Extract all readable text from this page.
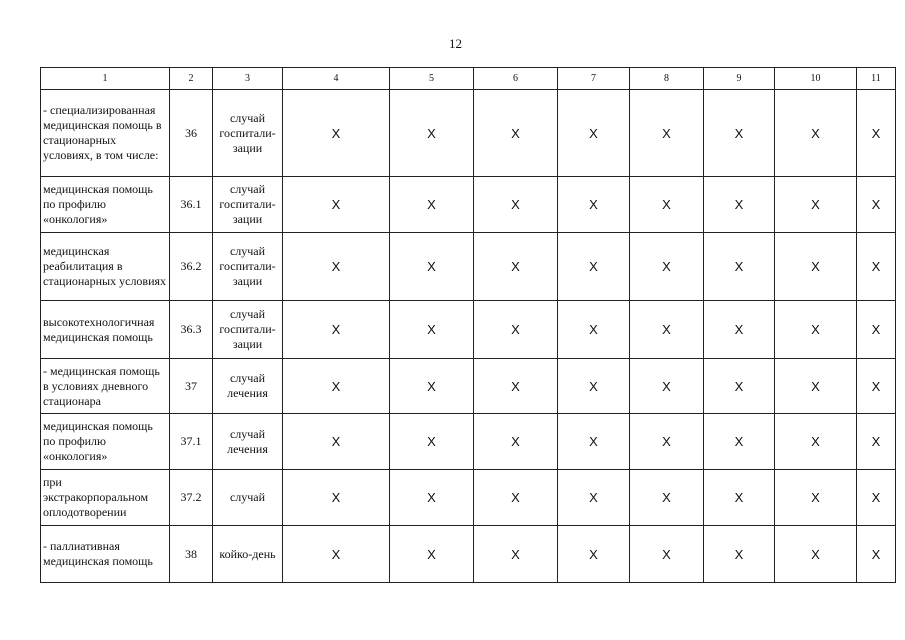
12
1	2	3	4	5	6	7	8	9	10	11
- специализированная медицинская помощь в стационарных условиях, в том числе:	36	случай госпитали-зации	X	X	X	X	X	X	X	X
медицинская помощь по профилю «онкология»	36.1	случай госпитали-зации	X	X	X	X	X	X	X	X
медицинская реабилитация в стационарных условиях	36.2	случай госпитали-зации	X	X	X	X	X	X	X	X
высокотехнологичная медицинская помощь	36.3	случай госпитали-зации	X	X	X	X	X	X	X	X
- медицинская помощь в условиях дневного стационара	37	случай лечения	X	X	X	X	X	X	X	X
медицинская помощь по профилю «онкология»	37.1	случай лечения	X	X	X	X	X	X	X	X
при экстракорпоральном оплодотворении	37.2	случай	X	X	X	X	X	X	X	X
- паллиативная медицинская помощь	38	койко-день	X	X	X	X	X	X	X	X
